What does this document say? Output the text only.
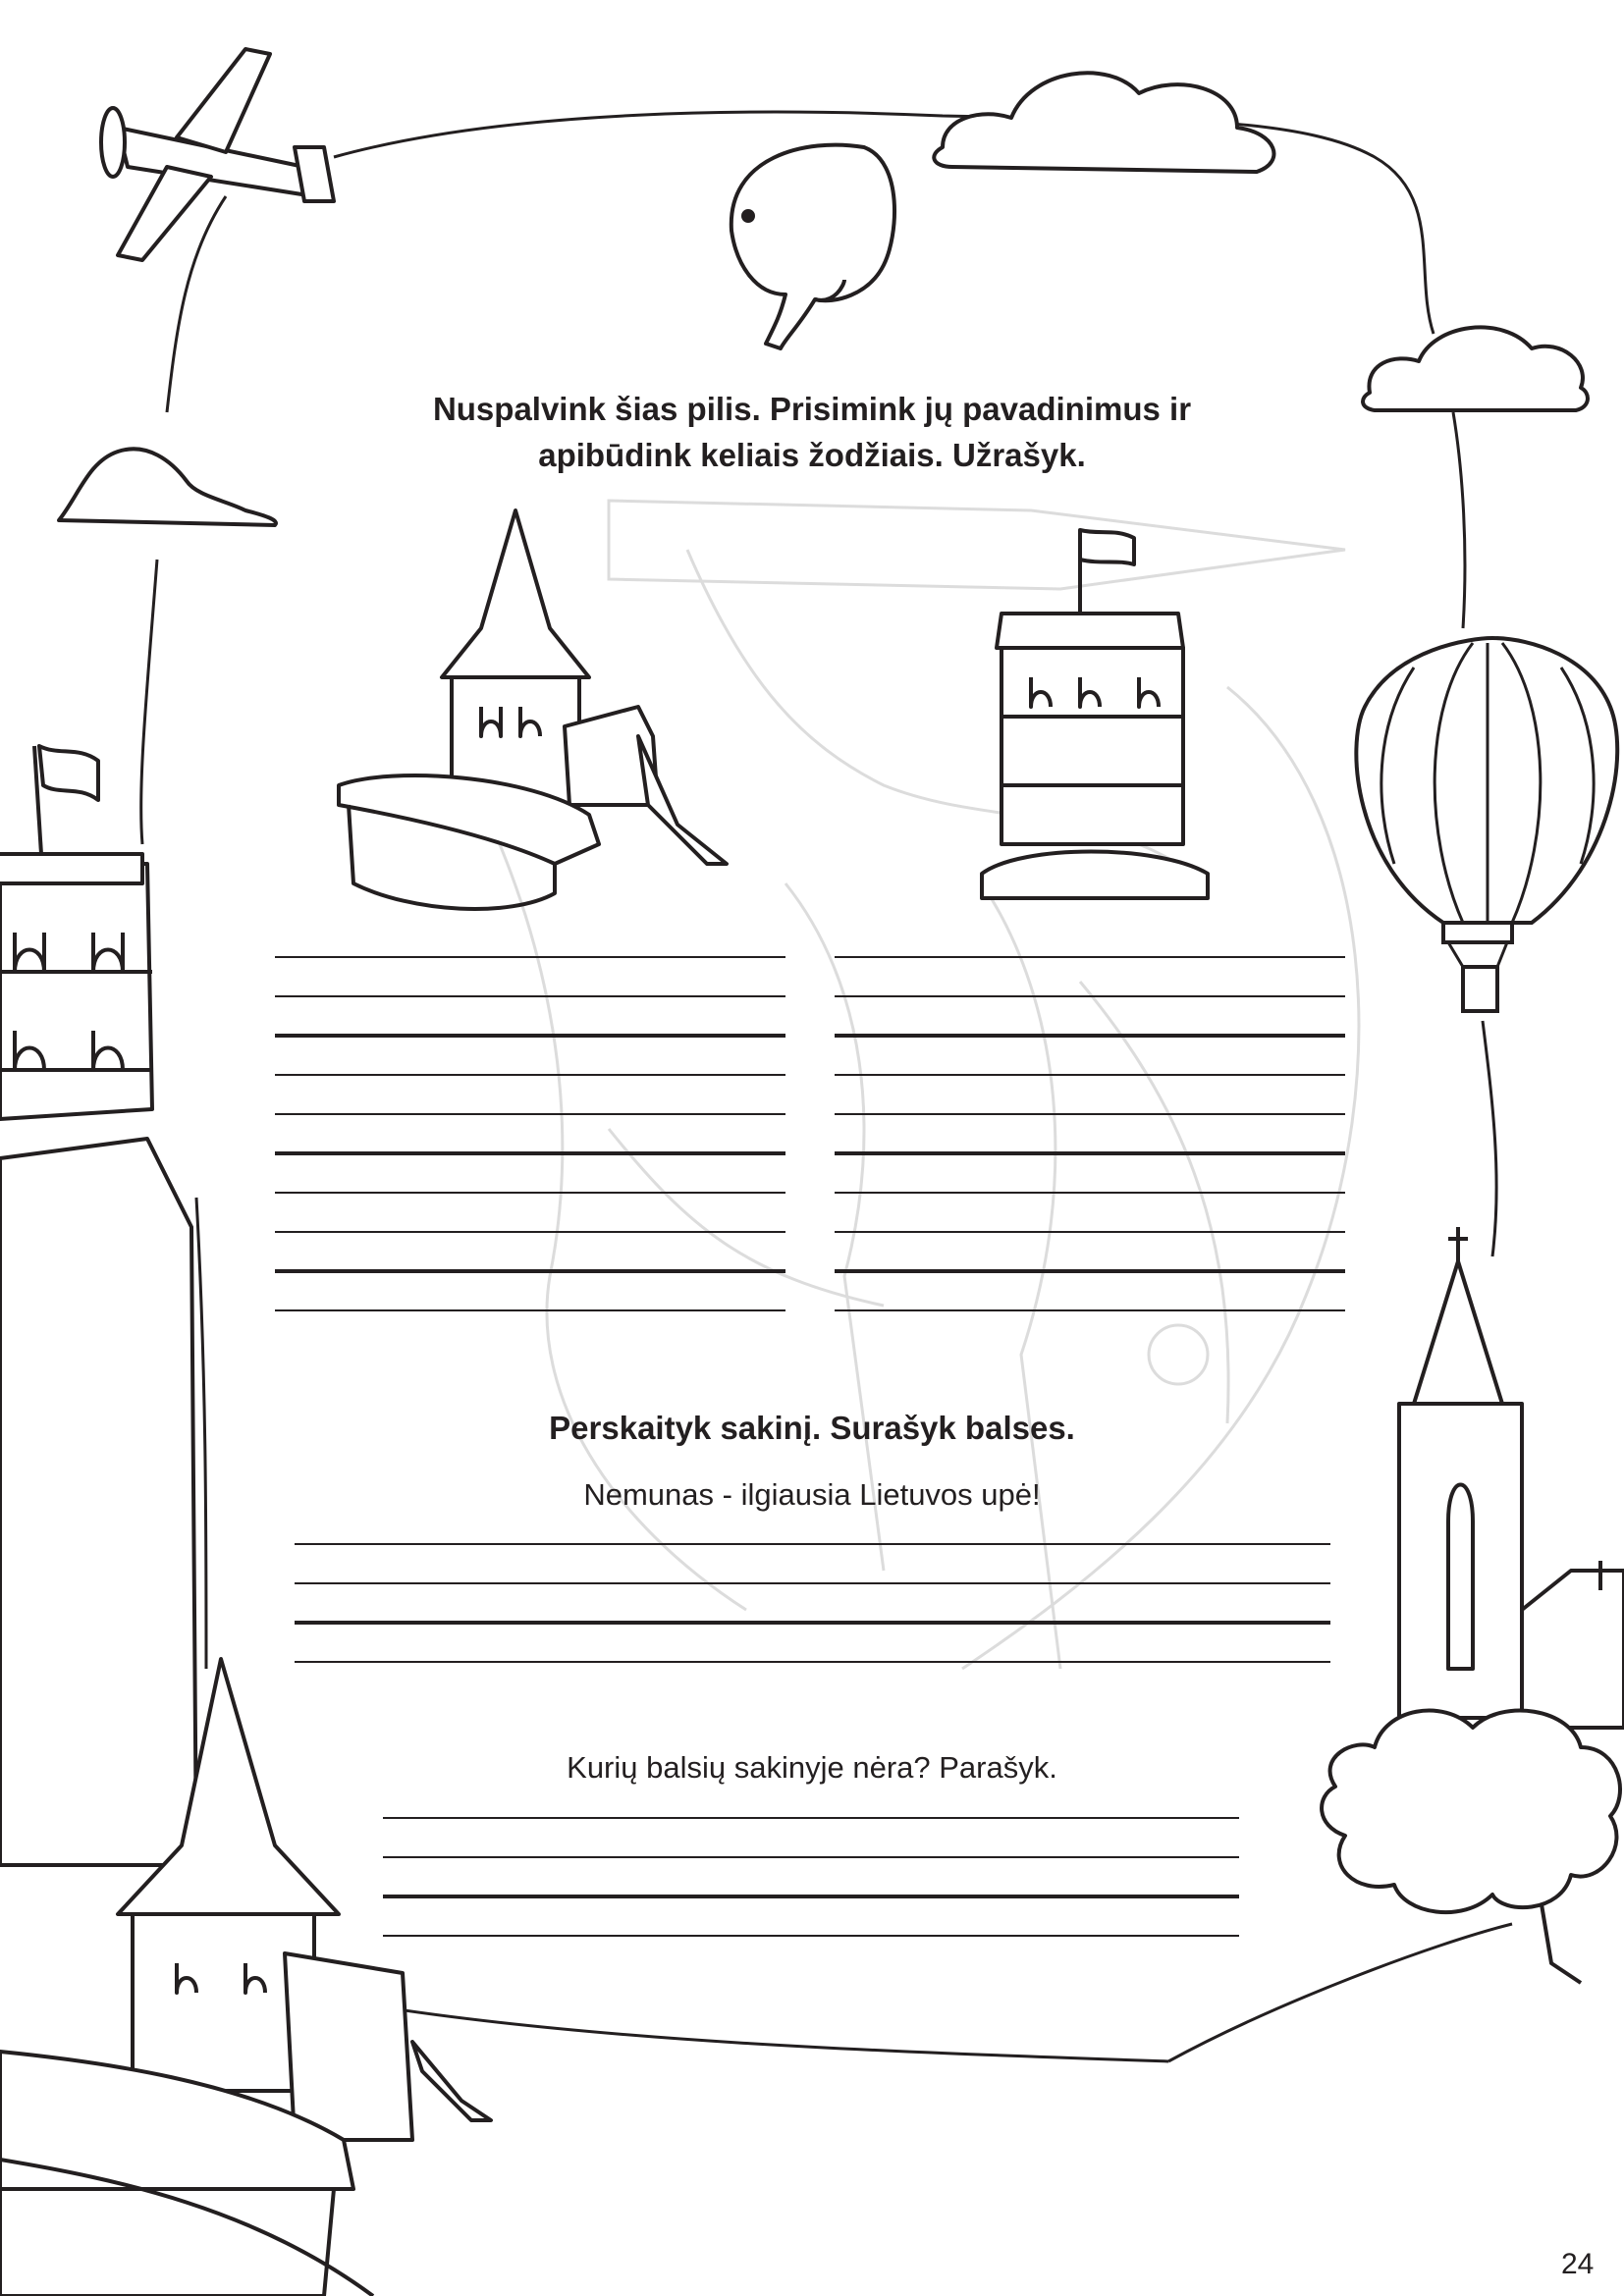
Nuspalvink šias pilis. Prisimink jų pavadinimus ir

apibūdink keliais žodžiais. Užrašyk.

Perskaityk sakinį. Surašyk balses.

Nemunas - ilgiausia Lietuvos upė!

Kurių balsių sakinyje nėra? Parašyk.

24
